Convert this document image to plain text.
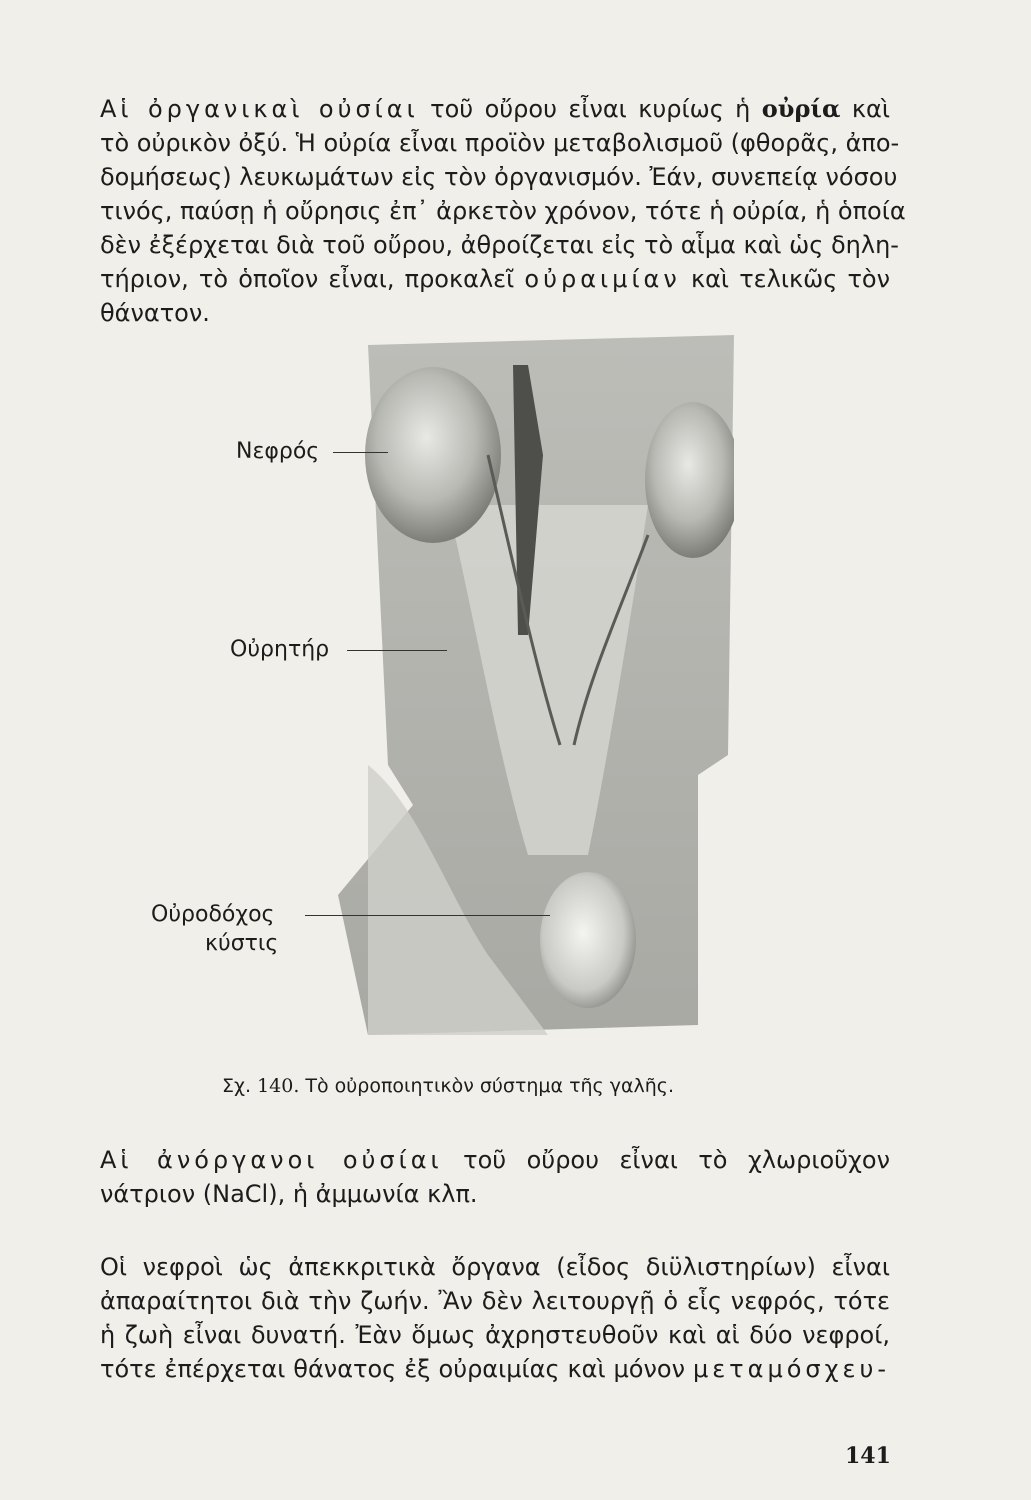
Αἱ ὀργανικαὶ οὐσίαι τοῦ οὔρου εἶναι κυρίως ἡ οὐρία καὶ
τὸ οὐρικὸν ὀξύ. Ἡ οὐρία εἶναι προϊὸν μεταβολισμοῦ (φθορᾶς, ἀπο-
δομήσεως) λευκωμάτων εἰς τὸν ὀργανισμόν. Ἐάν, συνεπείᾳ νόσου
τινός, παύσῃ ἡ οὔρησις ἐπ᾽ ἀρκετὸν χρόνον, τότε ἡ οὐρία, ἡ ὁποία
δὲν ἐξέρχεται διὰ τοῦ οὔρου, ἀθροίζεται εἰς τὸ αἷμα καὶ ὡς δηλη-
τήριον, τὸ ὁποῖον εἶναι, προκαλεῖ οὐραιμίαν καὶ τελικῶς τὸν
θάνατον.
Νεφρός
Οὐρητήρ
Οὐροδόχος
κύστις
Σχ. 140. Τὸ οὐροποιητικὸν σύστημα τῆς γαλῆς.
Αἱ ἀνόργανοι οὐσίαι τοῦ οὔρου εἶναι τὸ χλωριοῦχον
νάτριον (NaCl), ἡ ἀμμωνία κλπ.
Οἱ νεφροὶ ὡς ἀπεκκριτικὰ ὄργανα (εἶδος διϋλιστηρίων) εἶναι
ἀπαραίτητοι διὰ τὴν ζωήν. Ἂν δὲν λειτουργῇ ὁ εἷς νεφρός, τότε
ἡ ζωὴ εἶναι δυνατή. Ἐὰν ὅμως ἀχρηστευθοῦν καὶ αἱ δύο νεφροί,
τότε ἐπέρχεται θάνατος ἐξ οὐραιμίας καὶ μόνον μεταμόσχευ-
141
